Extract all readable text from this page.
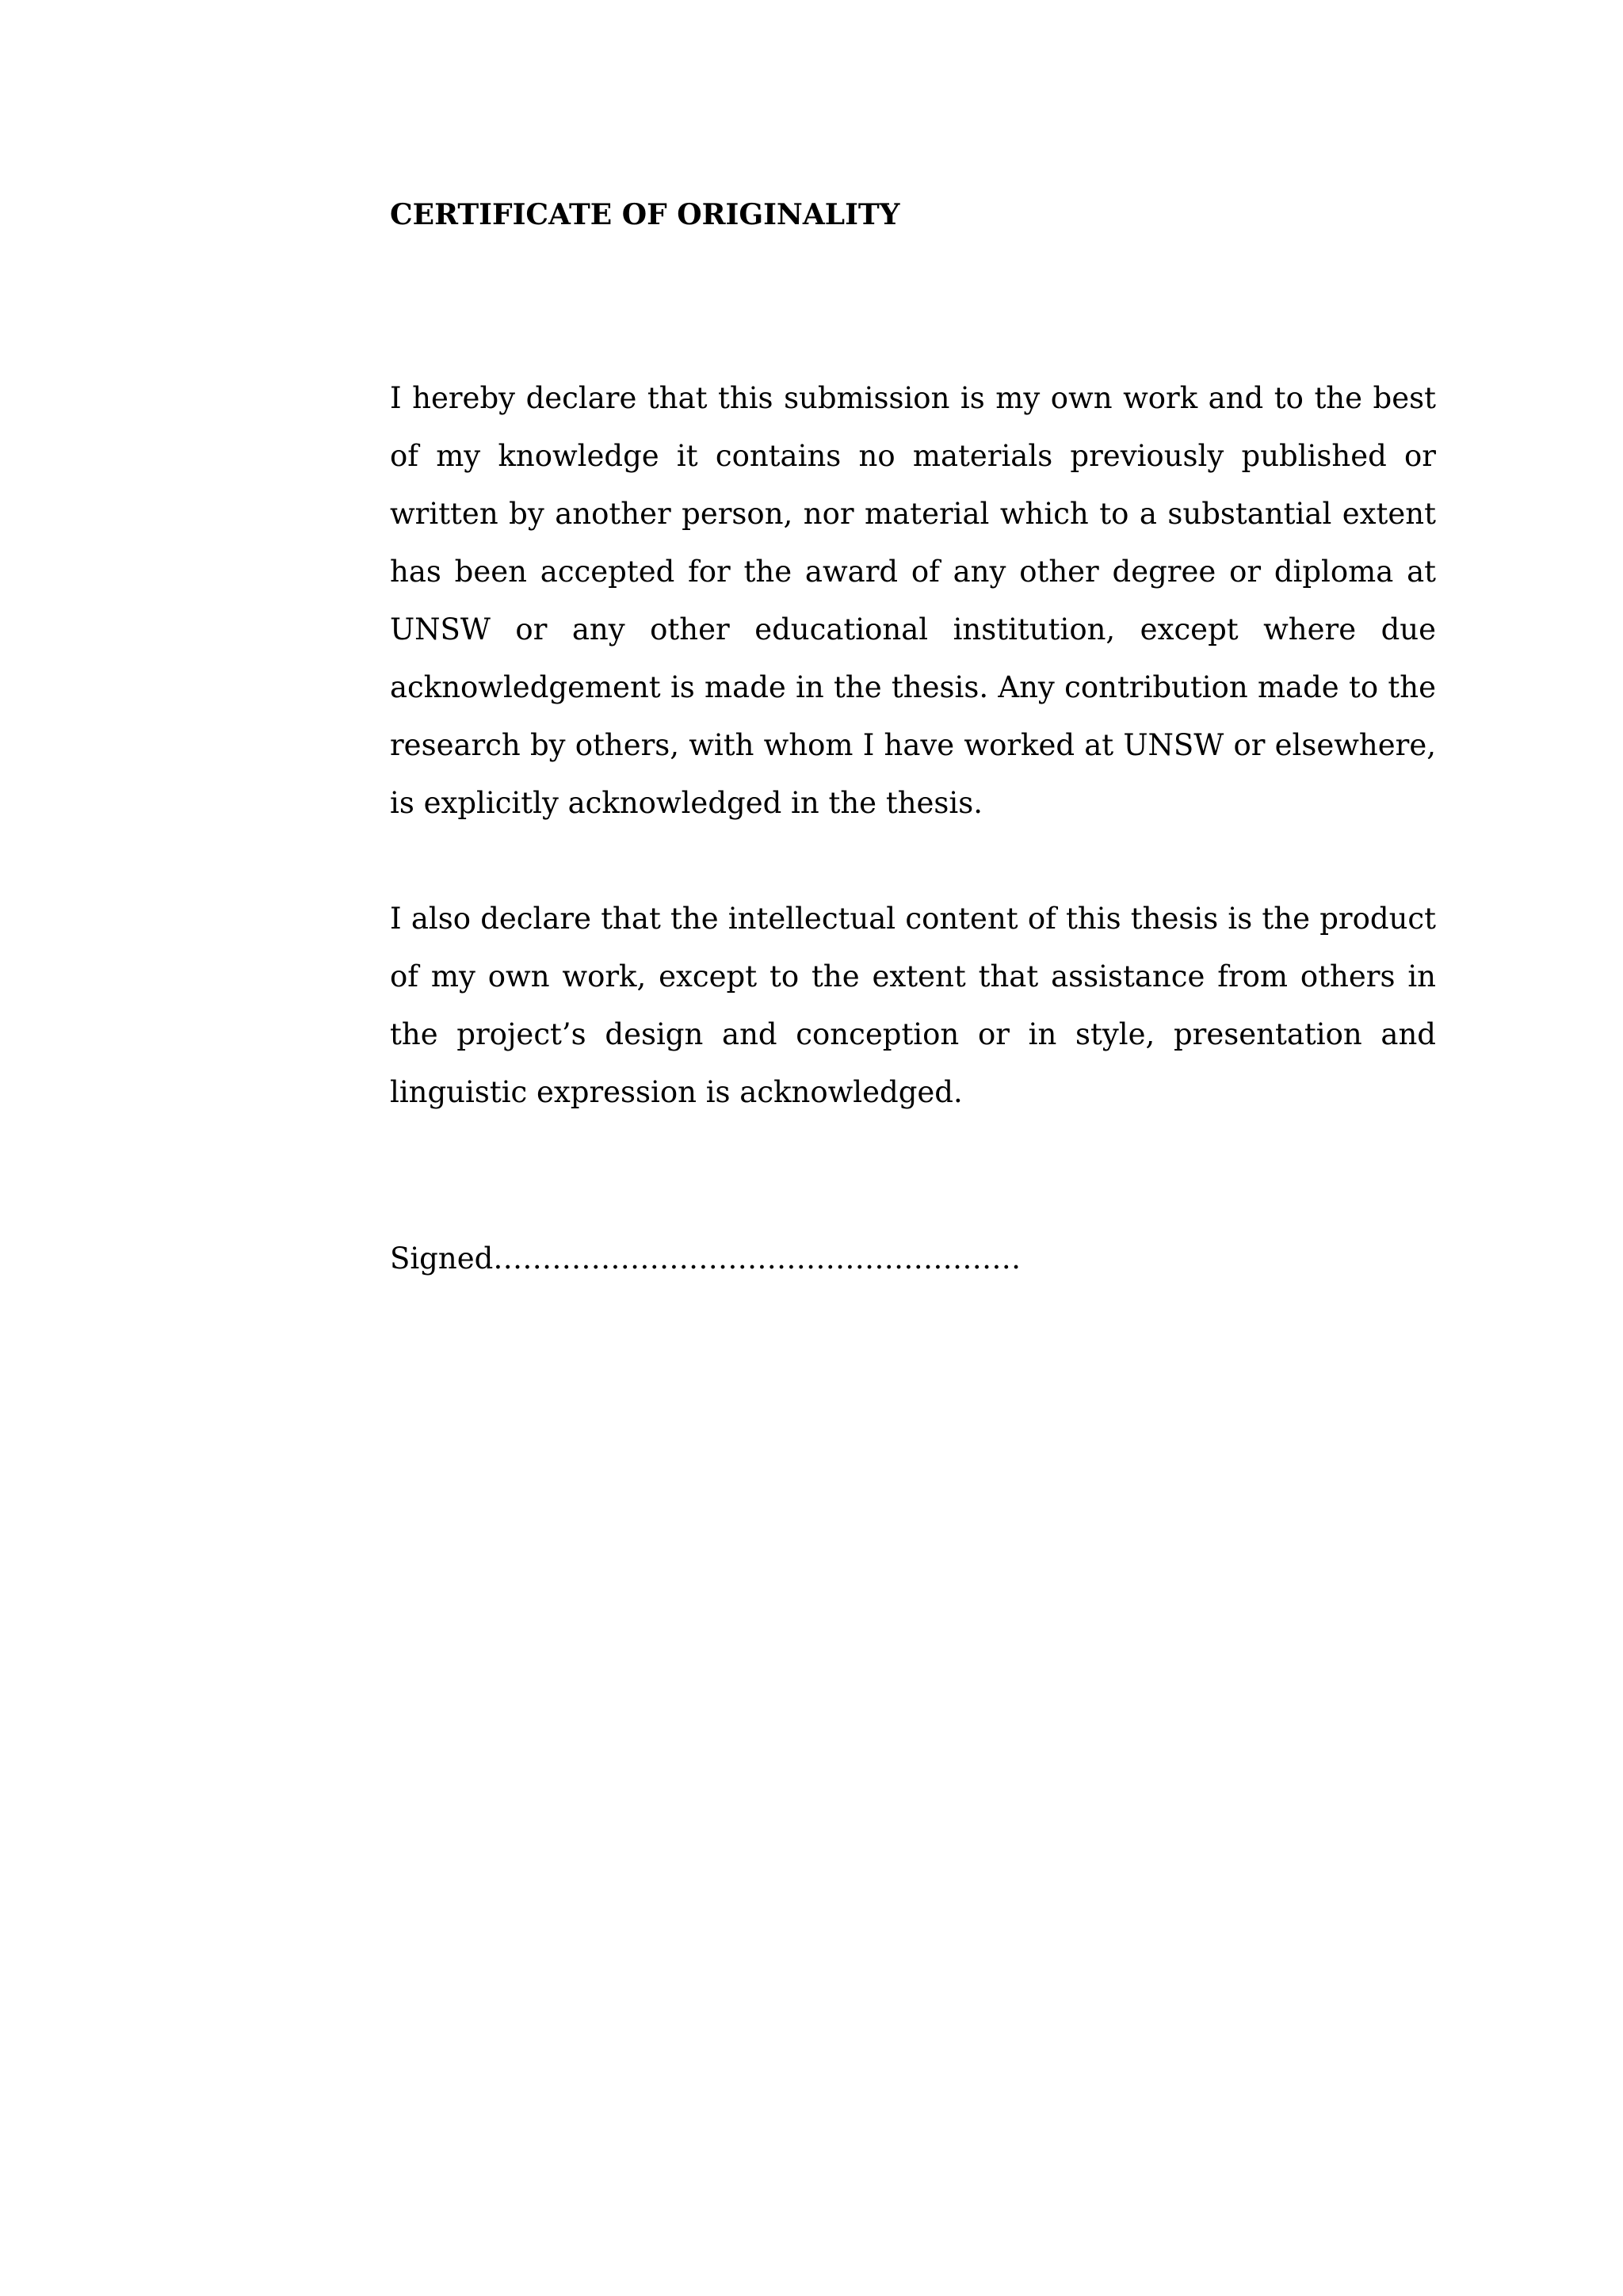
CERTIFICATE OF ORIGINALITY

I hereby declare that this submission is my own work and to the best of my knowledge it contains no materials previously published or written by another person, nor material which to a substantial extent has been accepted for the award of any other degree or diploma at UNSW or any other educational institution, except where due acknowledgement is made in the thesis. Any contribution made to the research by others, with whom I have worked at UNSW or elsewhere, is explicitly acknowledged in the thesis.

I also declare that the intellectual content of this thesis is the product of my own work, except to the extent that assistance from others in the project’s design and conception or in style, presentation and linguistic expression is acknowledged.

Signed………………………………………………
